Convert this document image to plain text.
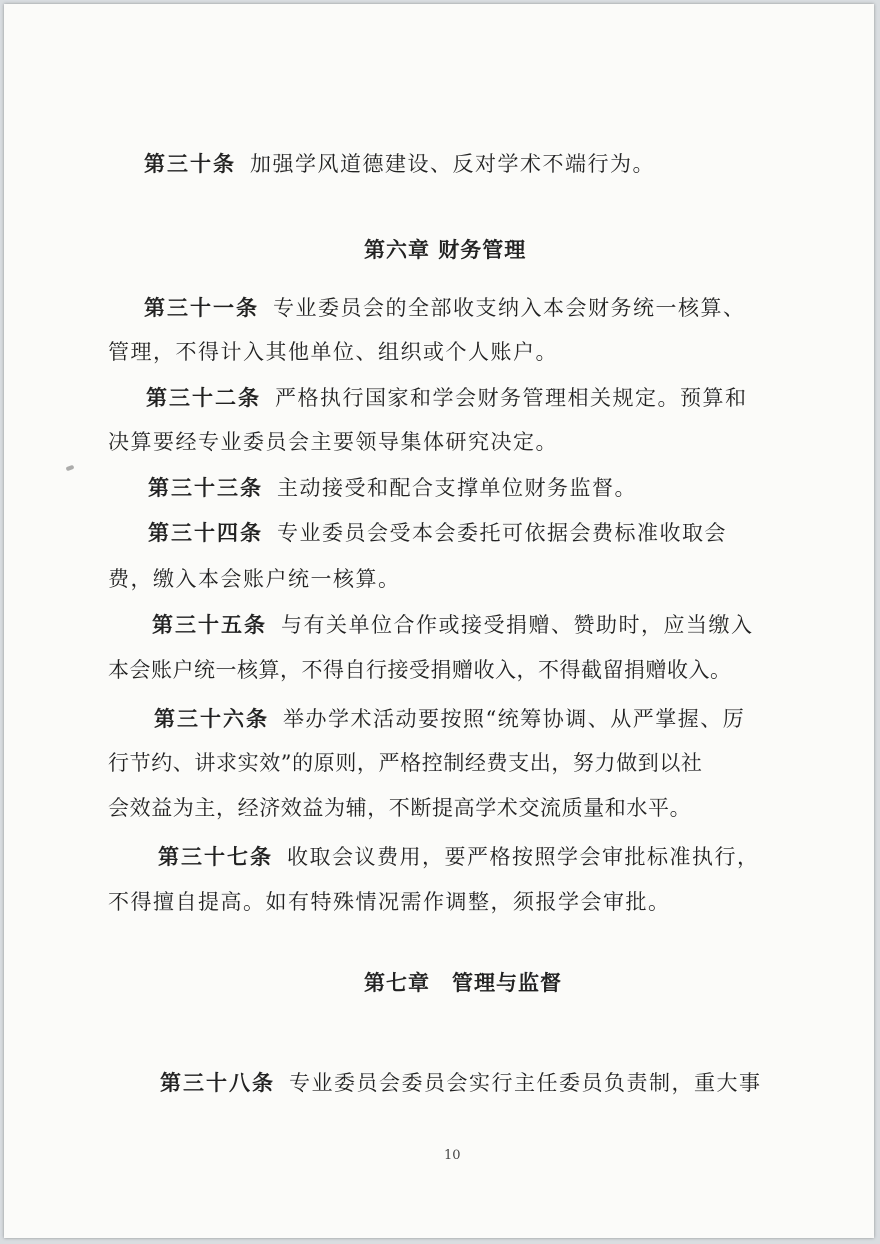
第三十条 加强学风道德建设、反对学术不端行为。
第六章 财务管理
第三十一条 专业委员会的全部收支纳入本会财务统一核算、
管理，不得计入其他单位、组织或个人账户。
第三十二条 严格执行国家和学会财务管理相关规定。预算和
决算要经专业委员会主要领导集体研究决定。
第三十三条 主动接受和配合支撑单位财务监督。
第三十四条 专业委员会受本会委托可依据会费标准收取会
费，缴入本会账户统一核算。
第三十五条 与有关单位合作或接受捐赠、赞助时，应当缴入
本会账户统一核算，不得自行接受捐赠收入，不得截留捐赠收入。
第三十六条 举办学术活动要按照“统筹协调、从严掌握、厉
行节约、讲求实效”的原则，严格控制经费支出，努力做到以社
会效益为主，经济效益为辅，不断提高学术交流质量和水平。
第三十七条 收取会议费用，要严格按照学会审批标准执行，
不得擅自提高。如有特殊情况需作调整，须报学会审批。
第七章　管理与监督
第三十八条 专业委员会委员会实行主任委员负责制，重大事
10
